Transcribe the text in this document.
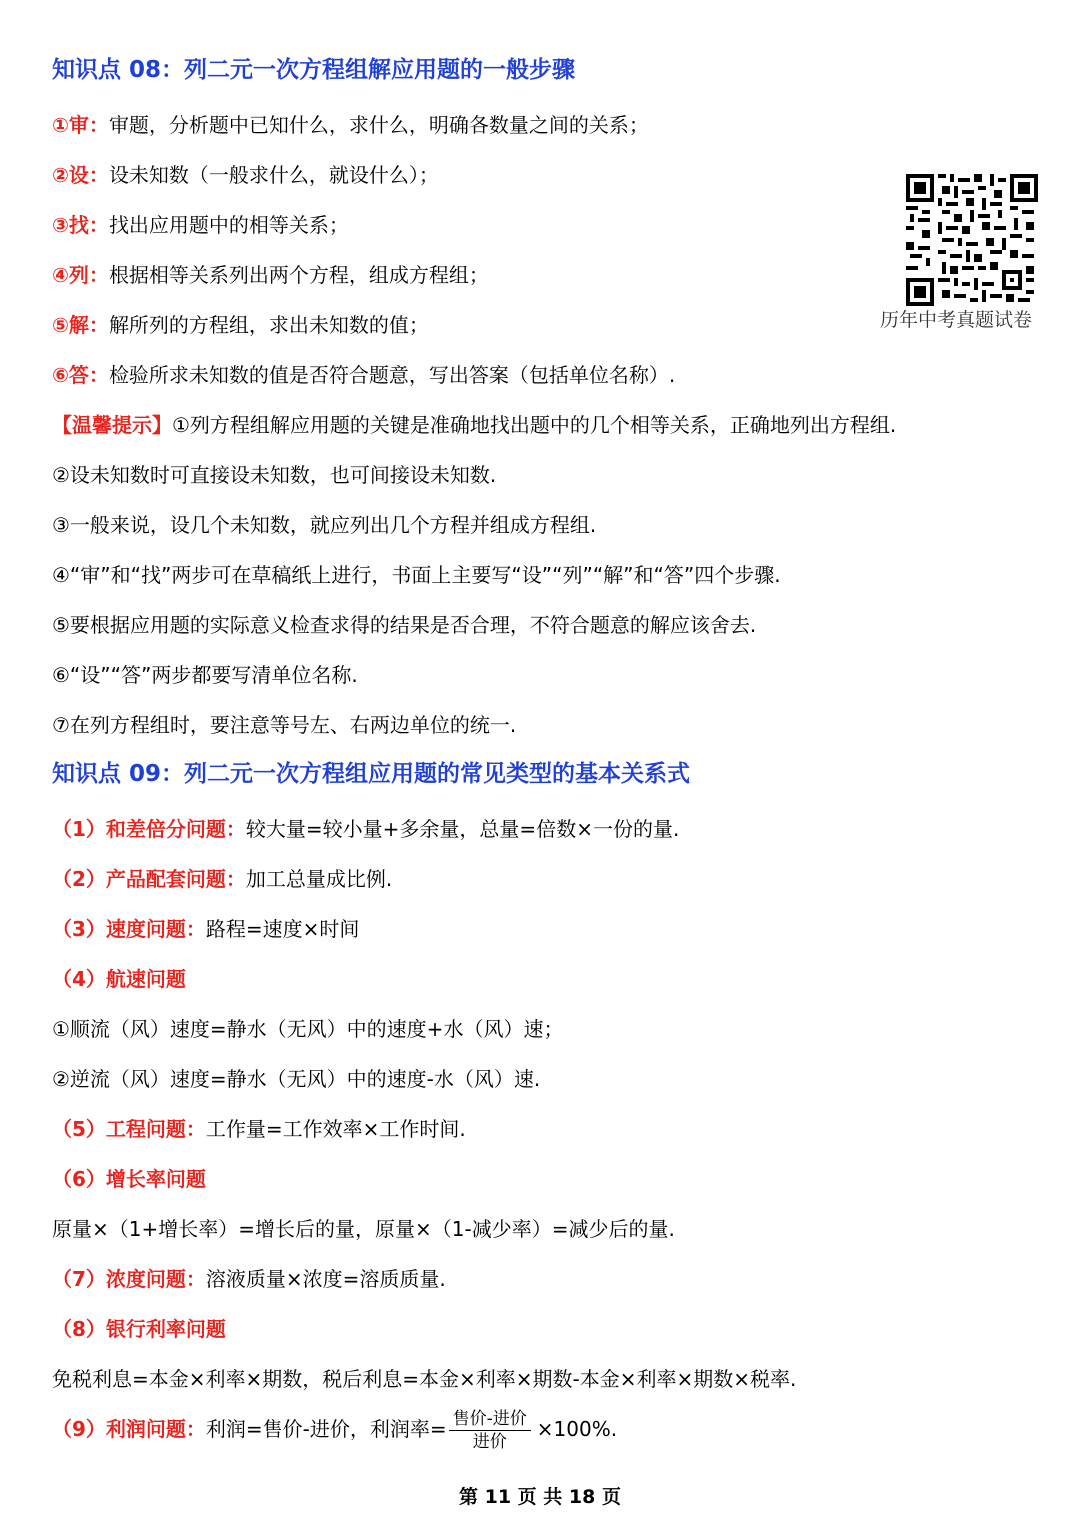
知识点 08：列二元一次方程组解应用题的一般步骤
①审：审题，分析题中已知什么，求什么，明确各数量之间的关系；
②设：设未知数（一般求什么，就设什么）；
③找：找出应用题中的相等关系；
④列：根据相等关系列出两个方程，组成方程组；
⑤解：解所列的方程组，求出未知数的值；
⑥答：检验所求未知数的值是否符合题意，写出答案（包括单位名称）.
【温馨提示】①列方程组解应用题的关键是准确地找出题中的几个相等关系，正确地列出方程组.
②设未知数时可直接设未知数，也可间接设未知数.
③一般来说，设几个未知数，就应列出几个方程并组成方程组.
④“审”和“找”两步可在草稿纸上进行，书面上主要写“设”“列”“解”和“答”四个步骤.
⑤要根据应用题的实际意义检查求得的结果是否合理，不符合题意的解应该舍去.
⑥“设”“答”两步都要写清单位名称.
⑦在列方程组时，要注意等号左、右两边单位的统一.
历年中考真题试卷
知识点 09：列二元一次方程组应用题的常见类型的基本关系式
（1）和差倍分问题：较大量=较小量+多余量，总量=倍数×一份的量.
（2）产品配套问题：加工总量成比例.
（3）速度问题：路程=速度×时间
（4）航速问题
①顺流（风）速度=静水（无风）中的速度+水（风）速；
②逆流（风）速度=静水（无风）中的速度-水（风）速.
（5）工程问题：工作量=工作效率×工作时间.
（6）增长率问题
原量×（1+增长率）=增长后的量，原量×（1-减少率）=减少后的量.
（7）浓度问题：溶液质量×浓度=溶质质量.
（8）银行利率问题
免税利息=本金×利率×期数，税后利息=本金×利率×期数-本金×利率×期数×税率.
（9）利润问题：利润=售价-进价，利润率= $\frac{\text{售价-进价}}{\text{进价}} \times 100\%$.
第 11 页 共 18 页
